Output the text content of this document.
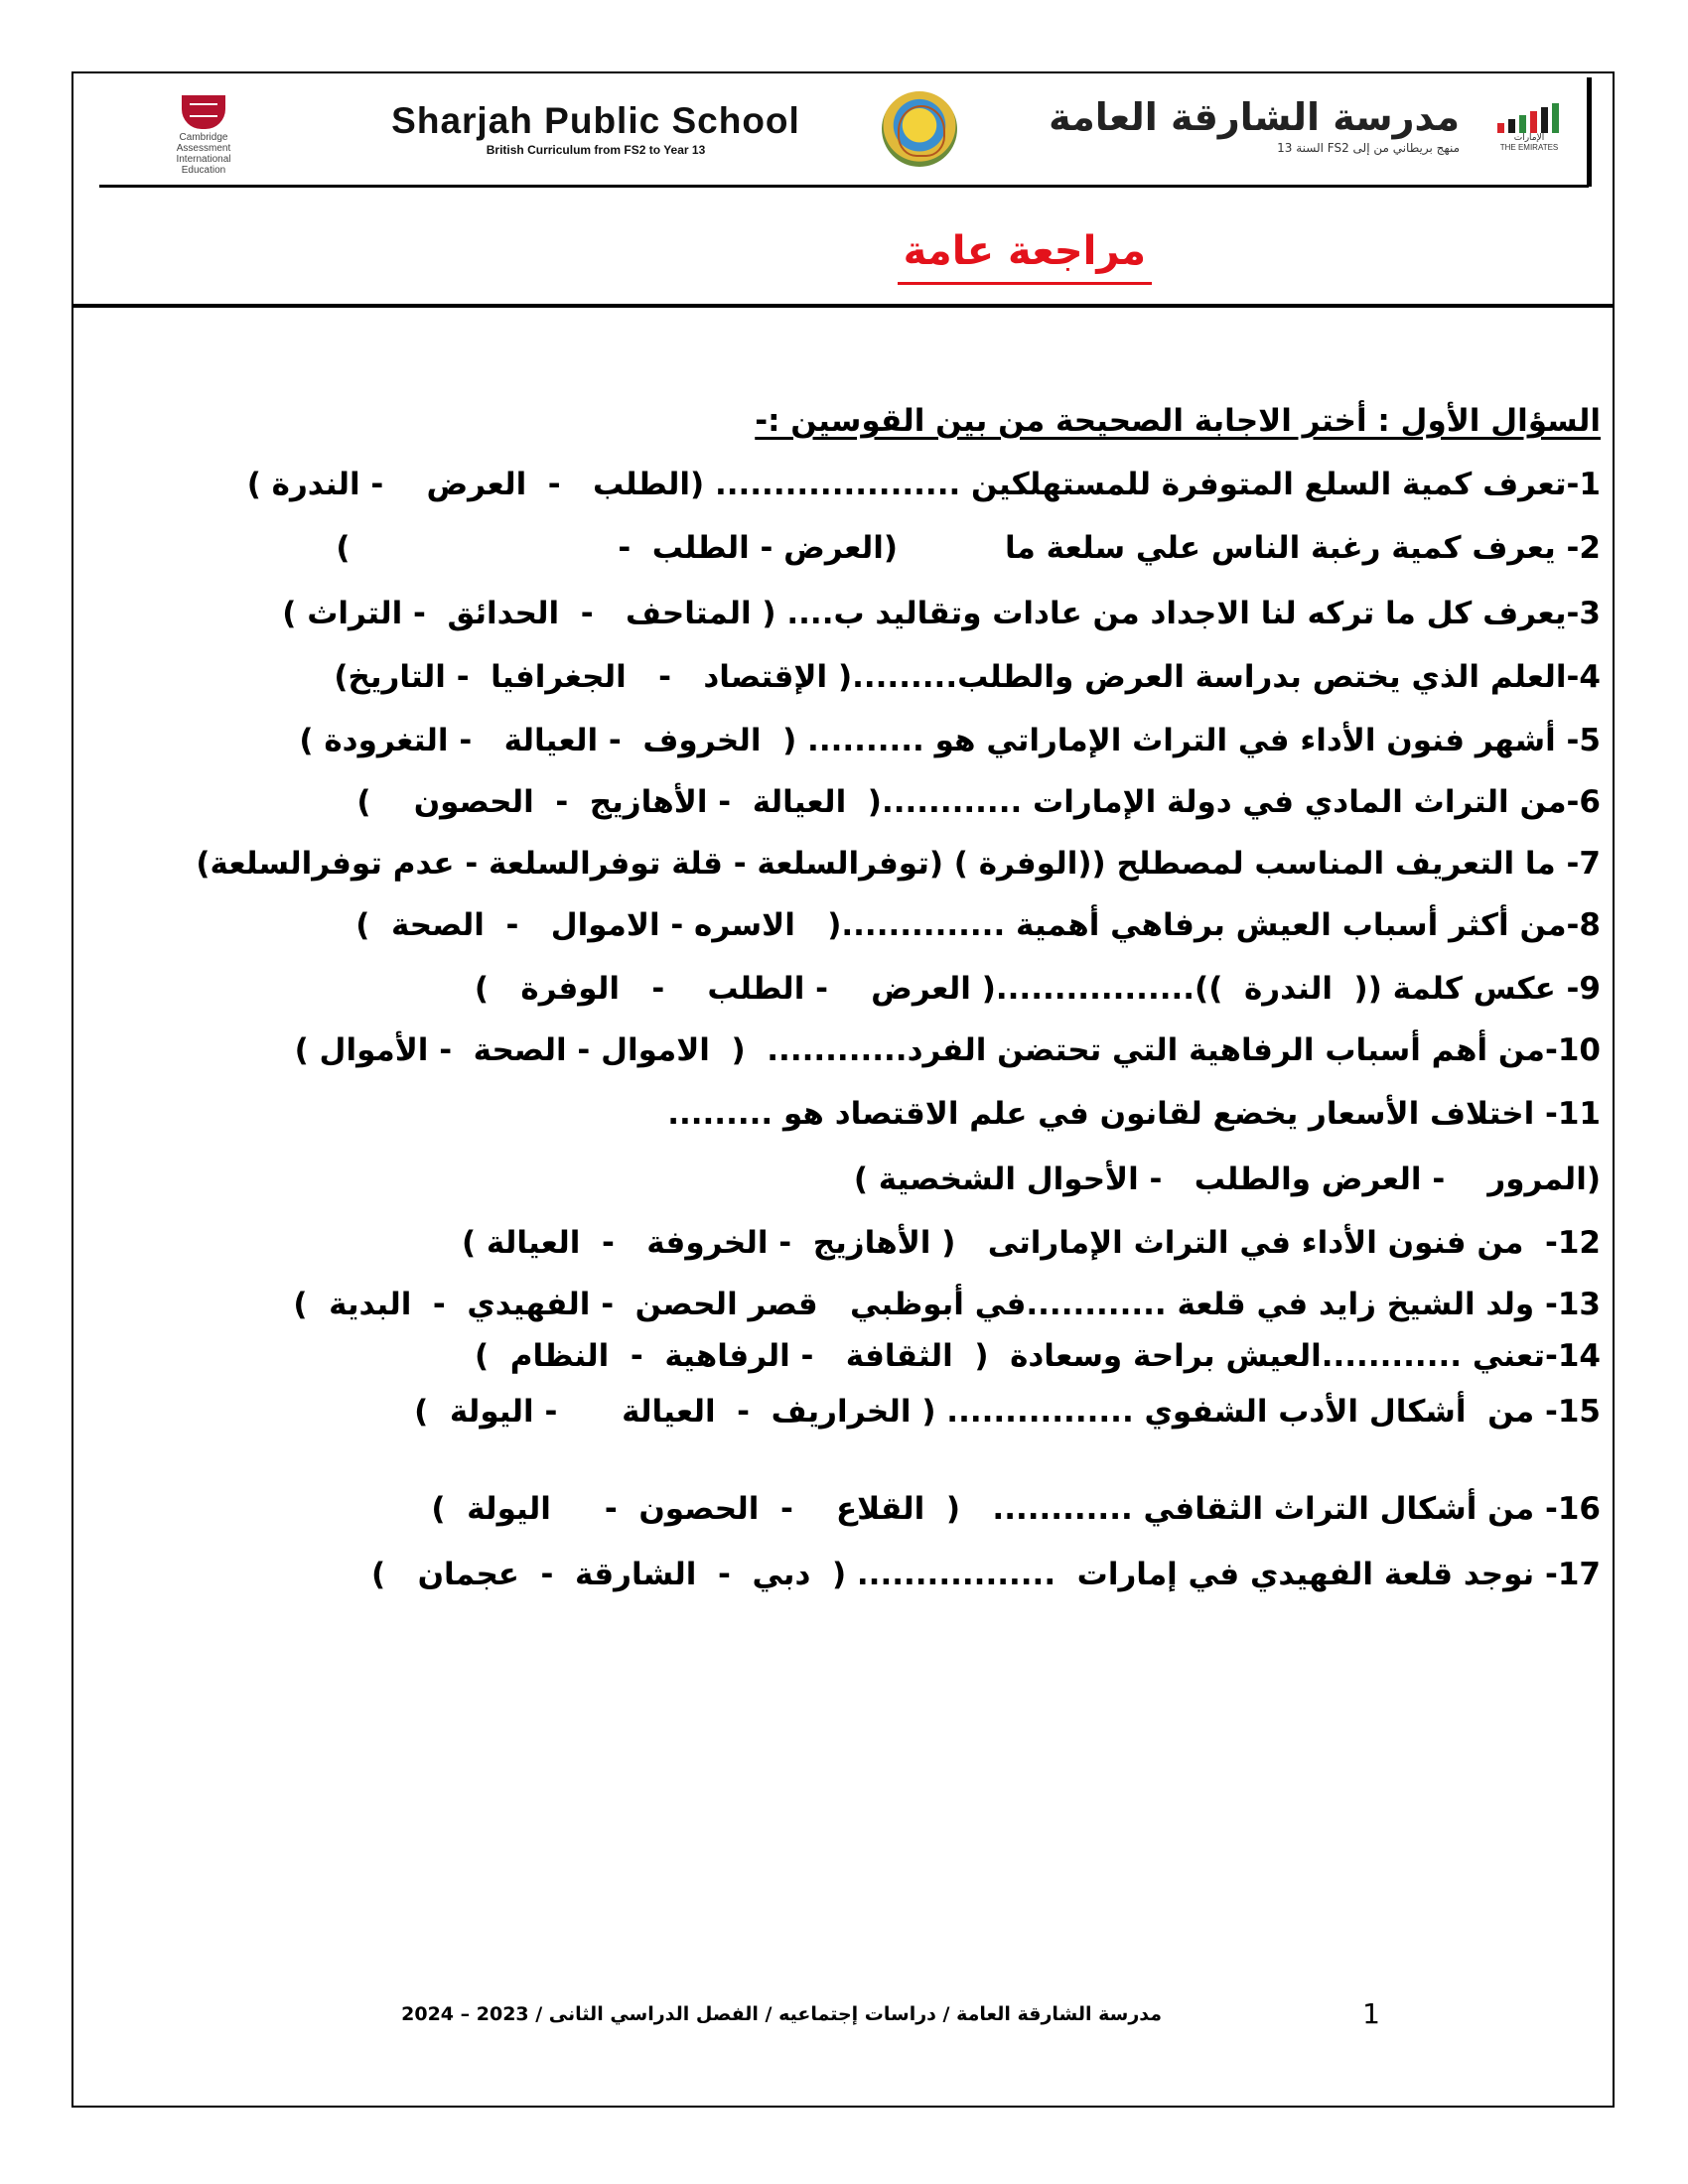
Cambridge
Assessment
International
Education
Sharjah Public School
British Curriculum from FS2 to Year 13
مدرسة الشارقة العامة
منهج بريطاني من إلى FS2 السنة 13
الإمارات
THE EMIRATES
مراجعة عامة
السؤال الأول : أختر الاجابة الصحيحة من بين القوسين :-
1-تعرف كمية السلع المتوفرة للمستهلكين ..................... (الطلب   -  العرض    - الندرة )
2- يعرف كمية رغبة الناس علي سلعة ما          (العرض - الطلب  -                         )
3-يعرف كل ما تركه لنا الاجداد من عادات وتقاليد ب.... ( المتاحف   -  الحدائق  - التراث )
4-العلم الذي يختص بدراسة العرض والطلب.........( الإقتصاد   -   الجغرافيا  - التاريخ)
5- أشهر فنون الأداء في التراث الإماراتي هو .......... (  الخروف  - العيالة   - التغرودة )
6-من التراث المادي في دولة الإمارات ............(  العيالة  - الأهازيج  -  الحصون    )
7- ما التعريف المناسب لمصطلح ((الوفرة ) (توفرالسلعة - قلة توفرالسلعة - عدم توفرالسلعة)
8-من أكثر أسباب العيش برفاهي أهمية ..............(   الاسره - الاموال   -  الصحة  )
9- عكس كلمة ((  الندرة  )).................( العرض    - الطلب    -   الوفرة   )
10-من أهم أسباب الرفاهية التي تحتضن الفرد............  (  الاموال - الصحة  - الأموال )
11- اختلاف الأسعار يخضع لقانون في علم الاقتصاد هو .........
(المرور    - العرض والطلب   - الأحوال الشخصية )
12-  من فنون الأداء في التراث الإماراتى   ( الأهازيج  - الخروفة   -  العيالة )
13- ولد الشيخ زايد في قلعة ............في أبوظبي   قصر الحصن  - الفهيدي  -  البدية  )
14-تعني ............العيش براحة وسعادة  (  الثقافة   - الرفاهية  -  النظام  )
15- من  أشكال الأدب الشفوي ................ ( الخراريف  -  العيالة      - اليولة  )
16- من أشكال التراث الثقافي ............   (  القلاع    -  الحصون  -     اليولة  )
17- نوجد قلعة الفهيدي في إمارات  ................. (  دبي  -  الشارقة  -  عجمان   )
1
مدرسة الشارقة العامة / دراسات إجتماعيه / الفصل الدراسي الثانى / 2023 – 2024
